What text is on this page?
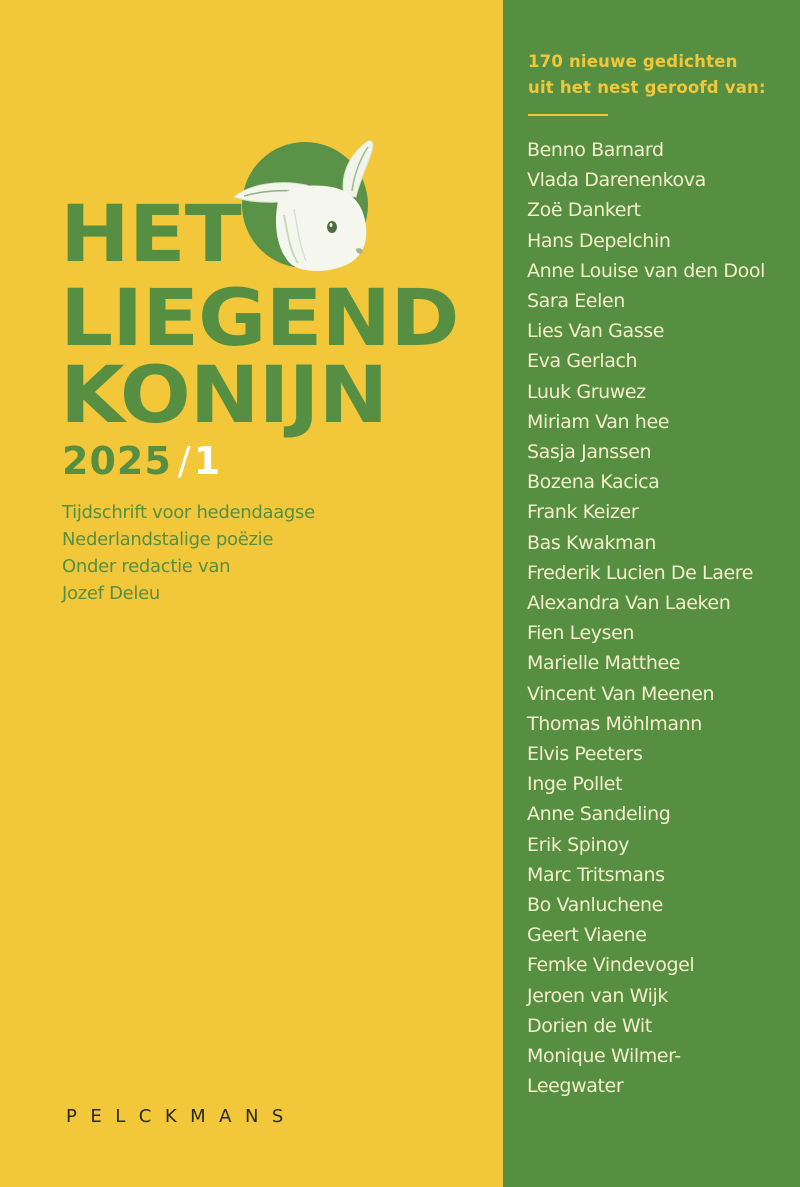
HET
LIEGEND
KONIJN
2025 /1
Tijdschrift voor hedendaagse
Nederlandstalige poëzie
Onder redactie van
Jozef Deleu
PELCKMANS
170 nieuwe gedichten
uit het nest geroofd van:
Benno Barnard
Vlada Darenenkova
Zoë Dankert
Hans Depelchin
Anne Louise van den Dool
Sara Eelen
Lies Van Gasse
Eva Gerlach
Luuk Gruwez
Miriam Van hee
Sasja Janssen
Bozena Kacica
Frank Keizer
Bas Kwakman
Frederik Lucien De Laere
Alexandra Van Laeken
Fien Leysen
Marielle Matthee
Vincent Van Meenen
Thomas Möhlmann
Elvis Peeters
Inge Pollet
Anne Sandeling
Erik Spinoy
Marc Tritsmans
Bo Vanluchene
Geert Viaene
Femke Vindevogel
Jeroen van Wijk
Dorien de Wit
Monique Wilmer-
Leegwater
